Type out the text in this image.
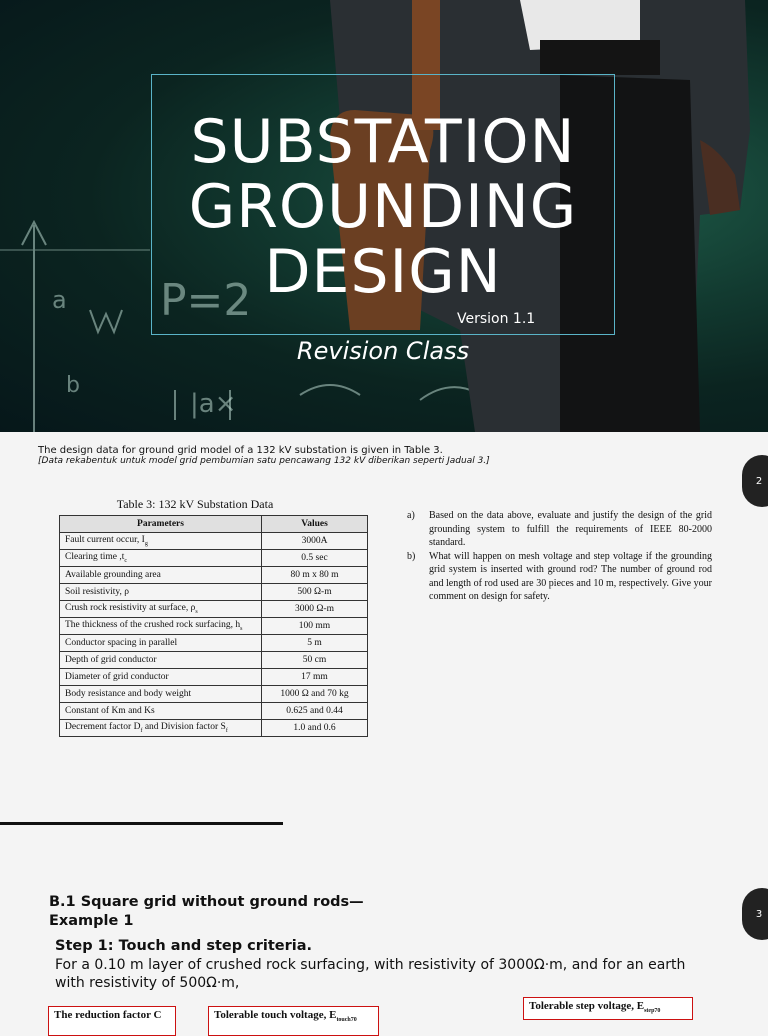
a P=2
b
|a×
SUBSTATION
GROUNDING
DESIGN
Version 1.1
Revision Class
The design data for ground grid model of a 132 kV substation is given in Table 3.
[Data rekabentuk untuk model grid pembumian satu pencawang 132 kV diberikan seperti Jadual 3.]
Table 3: 132 kV Substation Data
Parameters	Values
Fault current occur, $I_g$	3000A
Clearing time $,t_c$	0.5 sec
Available grounding area	80 m x 80 m
Soil resistivity, ρ	500 Ω-m
Crush rock resistivity at surface, $\rho_s$	3000 Ω-m
The thickness of the crushed rock surfacing, $h_s$	100 mm
Conductor spacing in parallel	5 m
Depth of grid conductor	50 cm
Diameter of grid conductor	17 mm
Body resistance and body weight	1000 Ω and 70 kg
Constant of Km and Ks	0.625 and 0.44
Decrement factor $D_f$ and Division factor $S_f$	1.0 and 0.6
a)	Based on the data above, evaluate and justify the design of the grid grounding system to fulfill the requirements of IEEE 80-2000 standard.
b)	What will happen on mesh voltage and step voltage if the grounding grid system is inserted with ground rod? The number of ground rod and length of rod used are 30 pieces and 10 m, respectively. Give your comment on design for safety.
2
B.1 Square grid without ground rods—
Example 1
Step 1: Touch and step criteria.
For a 0.10 m layer of crushed rock surfacing, with resistivity of 3000Ω·m, and for an earth with resistivity of 500Ω·m,
3
Tolerable step voltage, $E_{step70}$
The reduction factor C	Tolerable touch voltage, $E_{touch70}$
